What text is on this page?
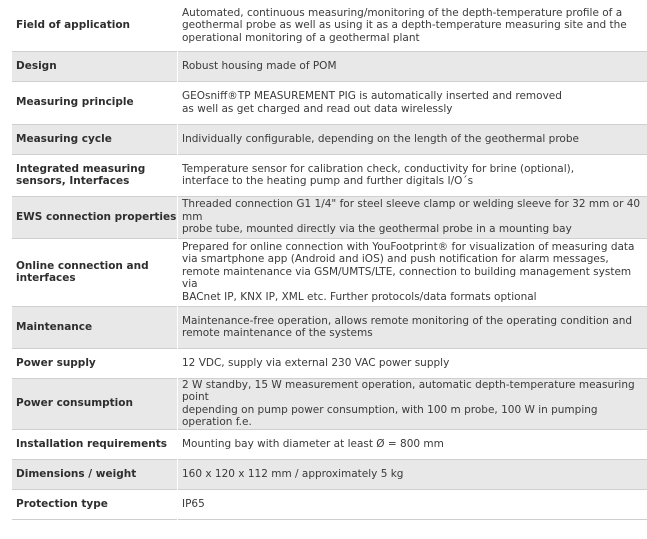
Field of application	Automated, continuous measuring/monitoring of the depth-temperature profile of a
geothermal probe as well as using it as a depth-temperature measuring site and the
operational monitoring of a geothermal plant
Design	Robust housing made of POM
Measuring principle	GEOsniff®TP MEASUREMENT PIG is automatically inserted and removed
as well as get charged and read out data wirelessly
Measuring cycle	Individually configurable, depending on the length of the geothermal probe
Integrated measuring sensors, Interfaces	Temperature sensor for calibration check, conductivity for brine (optional),
interface to the heating pump and further digitals I/O´s
EWS connection properties	Threaded connection G1 1/4" for steel sleeve clamp or welding sleeve for 32 mm or 40 mm
probe tube, mounted directly via the geothermal probe in a mounting bay
Online connection and interfaces	Prepared for online connection with YouFootprint® for visualization of measuring data
via smartphone app (Android and iOS) and push notification for alarm messages,
remote maintenance via GSM/UMTS/LTE, connection to building management system via
BACnet IP, KNX IP, XML etc. Further protocols/data formats optional
Maintenance	Maintenance-free operation, allows remote monitoring of the operating condition and
remote maintenance of the systems
Power supply	12 VDC, supply via external 230 VAC power supply
Power consumption	2 W standby, 15 W measurement operation, automatic depth-temperature measuring point
depending on pump power consumption, with 100 m probe, 100 W in pumping operation f.e.
Installation requirements	Mounting bay with diameter at least Ø = 800 mm
Dimensions / weight	160 x 120 x 112 mm / approximately 5 kg
Protection type	IP65
